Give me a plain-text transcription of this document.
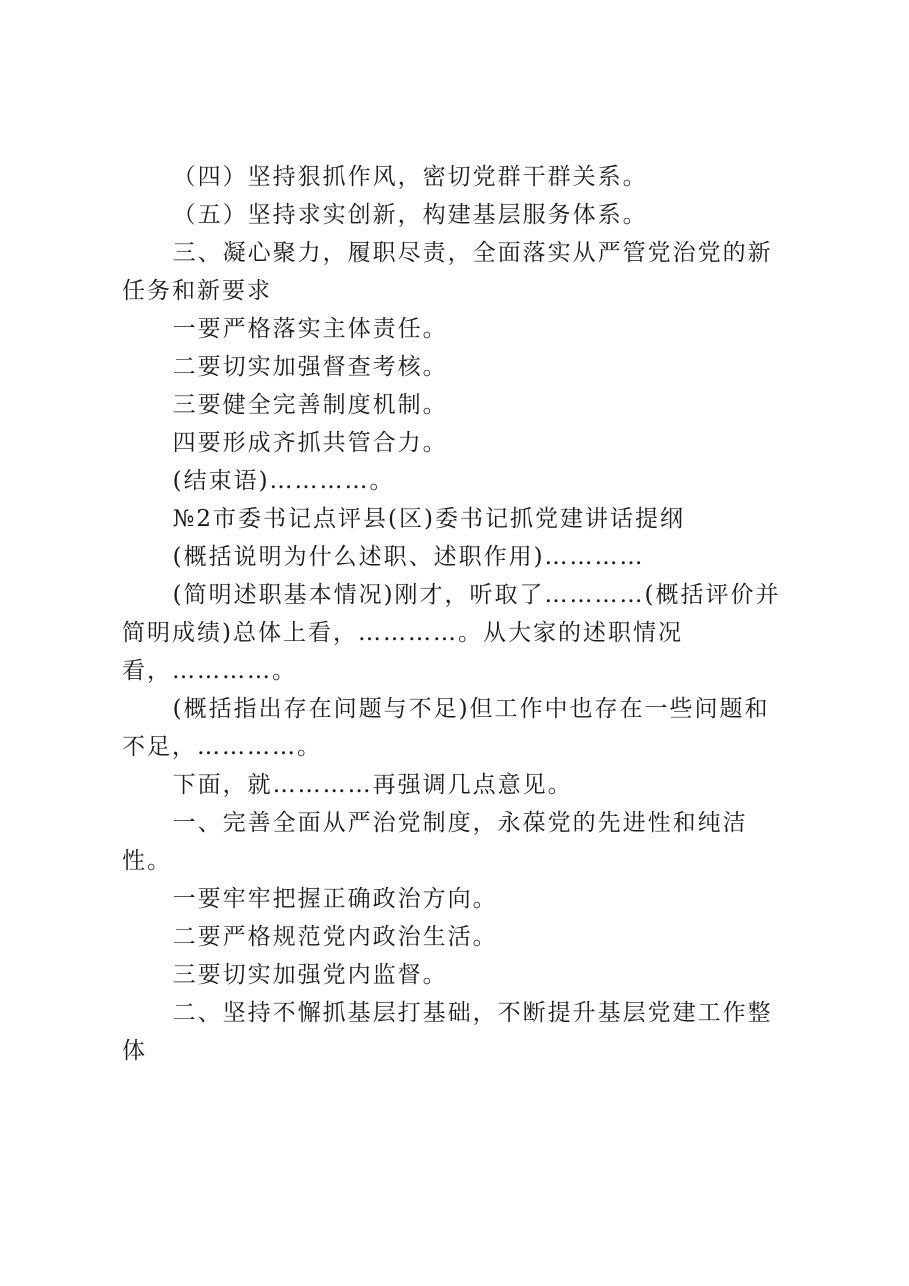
（四）坚持狠抓作风，密切党群干群关系。

（五）坚持求实创新，构建基层服务体系。

三、凝心聚力，履职尽责，全面落实从严管党治党的新任务和新要求

一要严格落实主体责任。

二要切实加强督查考核。

三要健全完善制度机制。

四要形成齐抓共管合力。

(结束语)…………。

№2市委书记点评县(区)委书记抓党建讲话提纲

(概括说明为什么述职、述职作用)…………

(简明述职基本情况)刚才，听取了…………(概括评价并简明成绩)总体上看，…………。从大家的述职情况看，…………。

(概括指出存在问题与不足)但工作中也存在一些问题和不足，…………。

下面，就…………再强调几点意见。

一、完善全面从严治党制度，永葆党的先进性和纯洁性。

一要牢牢把握正确政治方向。

二要严格规范党内政治生活。

三要切实加强党内监督。

二、坚持不懈抓基层打基础，不断提升基层党建工作整体
